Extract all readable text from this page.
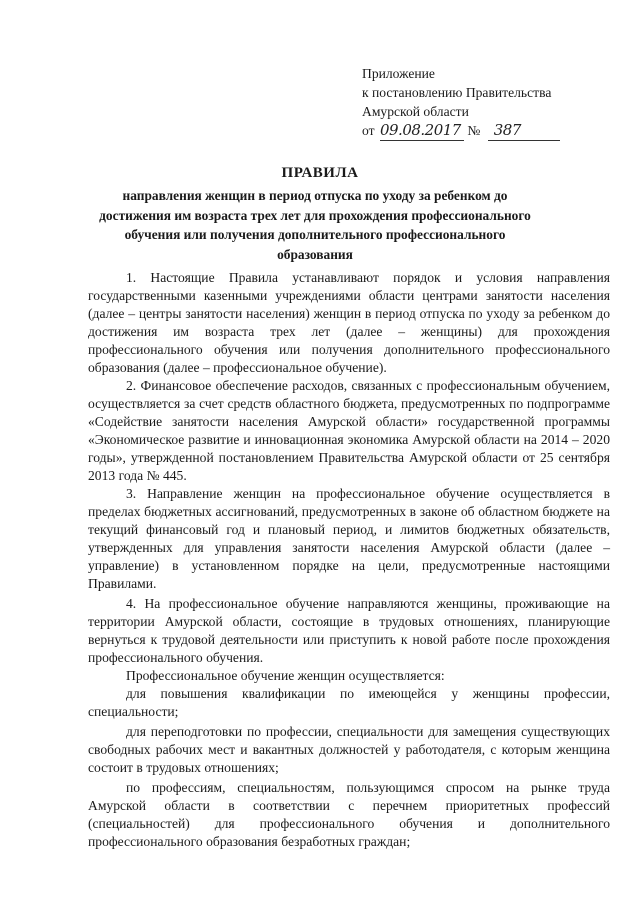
Приложение
к постановлению Правительства
Амурской области
от 09.08.2017 № 387
ПРАВИЛА
направления женщин в период отпуска по уходу за ребенком до достижения им возраста трех лет для прохождения профессионального обучения или получения дополнительного профессионального образования

1. Настоящие Правила устанавливают порядок и условия направления государственными казенными учреждениями области центрами занятости населения (далее – центры занятости населения) женщин в период отпуска по уходу за ребенком до достижения им возраста трех лет (далее – женщины) для прохождения профессионального обучения или получения дополнительного профессионального образования (далее – профессиональное обучение).

2. Финансовое обеспечение расходов, связанных с профессиональным обучением, осуществляется за счет средств областного бюджета, предусмотренных по подпрограмме «Содействие занятости населения Амурской области» государственной программы «Экономическое развитие и инновационная экономика Амурской области на 2014 – 2020 годы», утвержденной постановлением Правительства Амурской области от 25 сентября 2013 года № 445.

3. Направление женщин на профессиональное обучение осуществляется в пределах бюджетных ассигнований, предусмотренных в законе об областном бюджете на текущий финансовый год и плановый период, и лимитов бюджетных обязательств, утвержденных для управления занятости населения Амурской области (далее – управление) в установленном порядке на цели, предусмотренные настоящими Правилами.

4. На профессиональное обучение направляются женщины, проживающие на территории Амурской области, состоящие в трудовых отношениях, планирующие вернуться к трудовой деятельности или приступить к новой работе после прохождения профессионального обучения.

Профессиональное обучение женщин осуществляется:

для повышения квалификации по имеющейся у женщины профессии, специальности;

для переподготовки по профессии, специальности для замещения существующих свободных рабочих мест и вакантных должностей у работодателя, с которым женщина состоит в трудовых отношениях;

по профессиям, специальностям, пользующимся спросом на рынке труда Амурской области в соответствии с перечнем приоритетных профессий (специальностей) для профессионального обучения и дополнительного профессионального образования безработных граждан;
